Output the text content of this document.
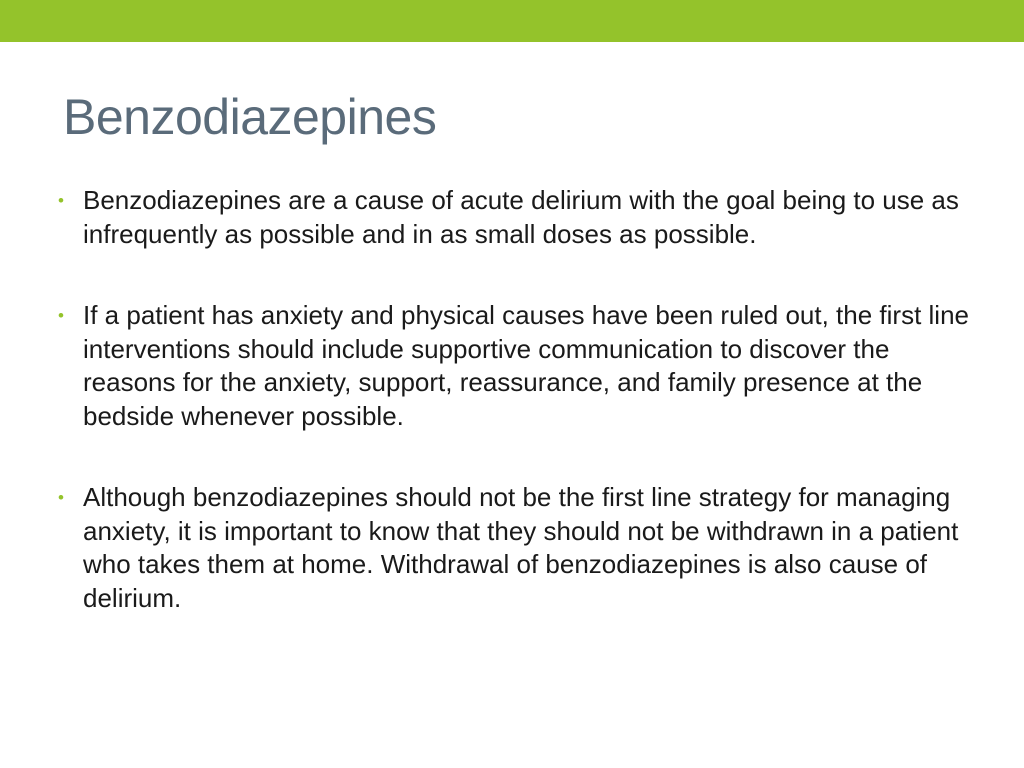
Benzodiazepines
• Benzodiazepines are a cause of acute delirium with the goal being to use as infrequently as possible and in as small doses as possible.
• If a patient has anxiety and physical causes have been ruled out, the first line interventions should include supportive communication to discover the reasons for the anxiety, support, reassurance, and family presence at the bedside whenever possible.
• Although benzodiazepines should not be the first line strategy for managing anxiety, it is important to know that they should not be withdrawn in a patient who takes them at home. Withdrawal of benzodiazepines is also cause of delirium.
